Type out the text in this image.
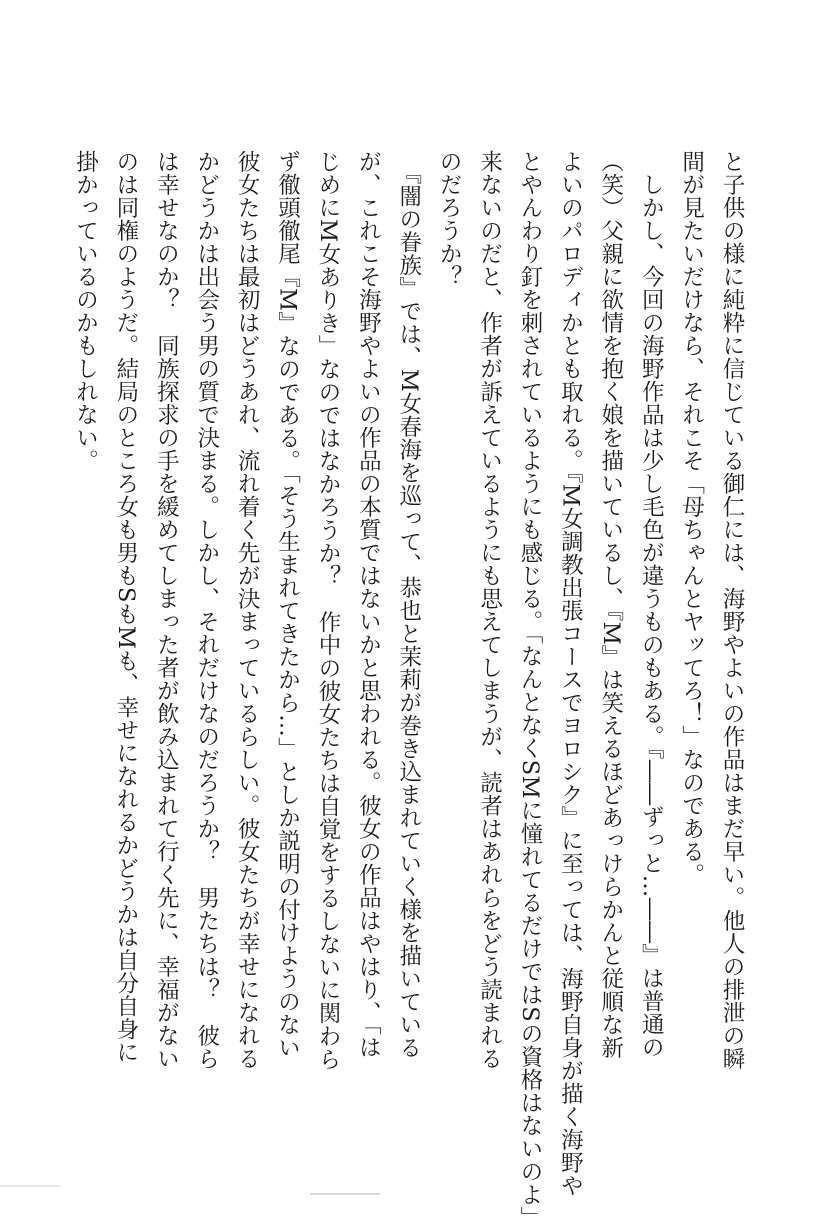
と子供の様に純粋に信じている御仁には、海野やよいの作品はまだ早い。他人の排泄の瞬
間が見たいだけなら、それこそ「母ちゃんとヤッてろ！」なのである。
　しかし、今回の海野作品は少し毛色が違うものもある。『――ずっと…――』は普通の
（笑）父親に欲情を抱く娘を描いているし、『M』は笑えるほどあっけらかんと従順な新
よいのパロディかとも取れる。『M女調教出張コースでヨロシク』に至っては、海野自身が描く海野や
とやんわり釘を刺されているようにも感じる。「なんとなくSMに憧れてるだけではSの資格はないのよ」
来ないのだと、作者が訴えているようにも思えてしまうが、読者はあれらをどう読まれる
のだろうか？
　『闇の眷族』では、M女春海を巡って、恭也と茉莉が巻き込まれていく様を描いている
が、これこそ海野やよいの作品の本質ではないかと思われる。彼女の作品はやはり、「は
じめにM女ありき」なのではなかろうか？　作中の彼女たちは自覚をするしないに関わら
ず徹頭徹尾『M』なのである。「そう生まれてきたから…」としか説明の付けようのない
彼女たちは最初はどうあれ、流れ着く先が決まっているらしい。彼女たちが幸せになれる
かどうかは出会う男の質で決まる。しかし、それだけなのだろうか？　男たちは？　彼ら
は幸せなのか？　同族探求の手を緩めてしまった者が飲み込まれて行く先に、幸福がない
のは同権のようだ。結局のところ女も男もSもMも、幸せになれるかどうかは自分自身に
掛かっているのかもしれない。
